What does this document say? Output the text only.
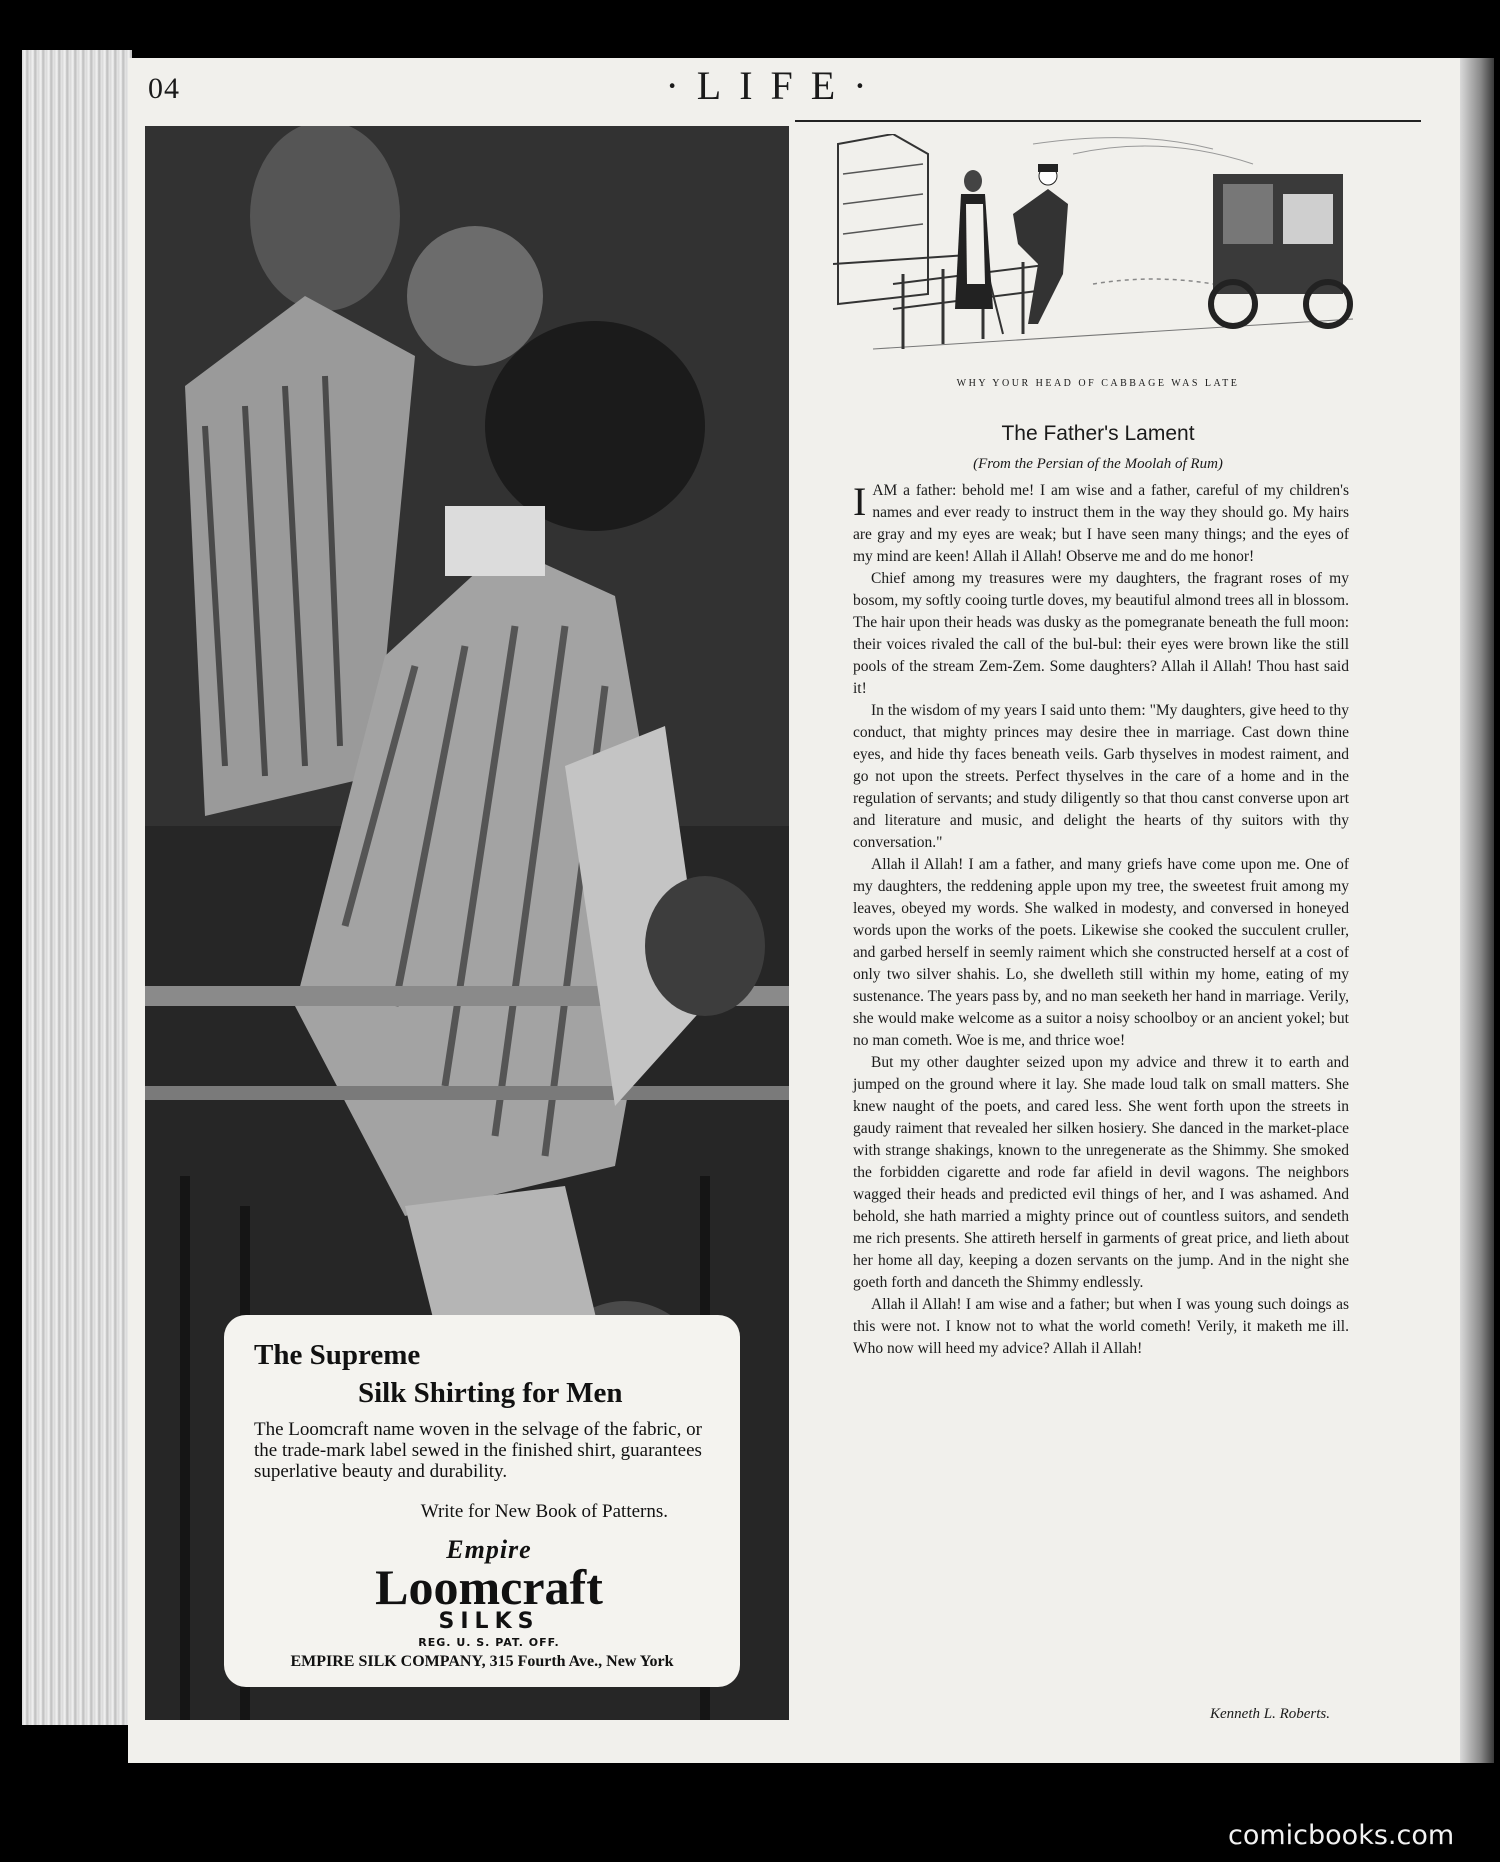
04	·LIFE·
The Supreme
Silk Shirting for Men
The Loomcraft name woven in the selvage of the fabric, or the trade-mark label sewed in the finished shirt, guarantees superlative beauty and durability.
Write for New Book of Patterns.
Empire
Loomcraft
SILKS
REG. U. S. PAT. OFF.
EMPIRE SILK COMPANY, 315 Fourth Ave., New York
WHY YOUR HEAD OF CABBAGE WAS LATE
The Father's Lament
(From the Persian of the Moolah of Rum)

IAM a father: behold me! I am wise and a father, careful of my children's names and ever ready to instruct them in the way they should go. My hairs are gray and my eyes are weak; but I have seen many things; and the eyes of my mind are keen! Allah il Allah! Observe me and do me honor!

Chief among my treasures were my daughters, the fragrant roses of my bosom, my softly cooing turtle doves, my beautiful almond trees all in blossom. The hair upon their heads was dusky as the pomegranate beneath the full moon: their voices rivaled the call of the bul-bul: their eyes were brown like the still pools of the stream Zem-Zem. Some daughters? Allah il Allah! Thou hast said it!

In the wisdom of my years I said unto them: "My daughters, give heed to thy conduct, that mighty princes may desire thee in marriage. Cast down thine eyes, and hide thy faces beneath veils. Garb thyselves in modest raiment, and go not upon the streets. Perfect thyselves in the care of a home and in the regulation of servants; and study diligently so that thou canst converse upon art and literature and music, and delight the hearts of thy suitors with thy conversation."

Allah il Allah! I am a father, and many griefs have come upon me. One of my daughters, the reddening apple upon my tree, the sweetest fruit among my leaves, obeyed my words. She walked in modesty, and conversed in honeyed words upon the works of the poets. Likewise she cooked the succulent cruller, and garbed herself in seemly raiment which she constructed herself at a cost of only two silver shahis. Lo, she dwelleth still within my home, eating of my sustenance. The years pass by, and no man seeketh her hand in marriage. Verily, she would make welcome as a suitor a noisy schoolboy or an ancient yokel; but no man cometh. Woe is me, and thrice woe!

But my other daughter seized upon my advice and threw it to earth and jumped on the ground where it lay. She made loud talk on small matters. She knew naught of the poets, and cared less. She went forth upon the streets in gaudy raiment that revealed her silken hosiery. She danced in the market-place with strange shakings, known to the unregenerate as the Shimmy. She smoked the forbidden cigarette and rode far afield in devil wagons. The neighbors wagged their heads and predicted evil things of her, and I was ashamed. And behold, she hath married a mighty prince out of countless suitors, and sendeth me rich presents. She attireth herself in garments of great price, and lieth about her home all day, keeping a dozen servants on the jump. And in the night she goeth forth and danceth the Shimmy endlessly.

Allah il Allah! I am wise and a father; but when I was young such doings as this were not. I know not to what the world cometh! Verily, it maketh me ill. Who now will heed my advice? Allah il Allah!

Kenneth L. Roberts.
comicbooks.com
